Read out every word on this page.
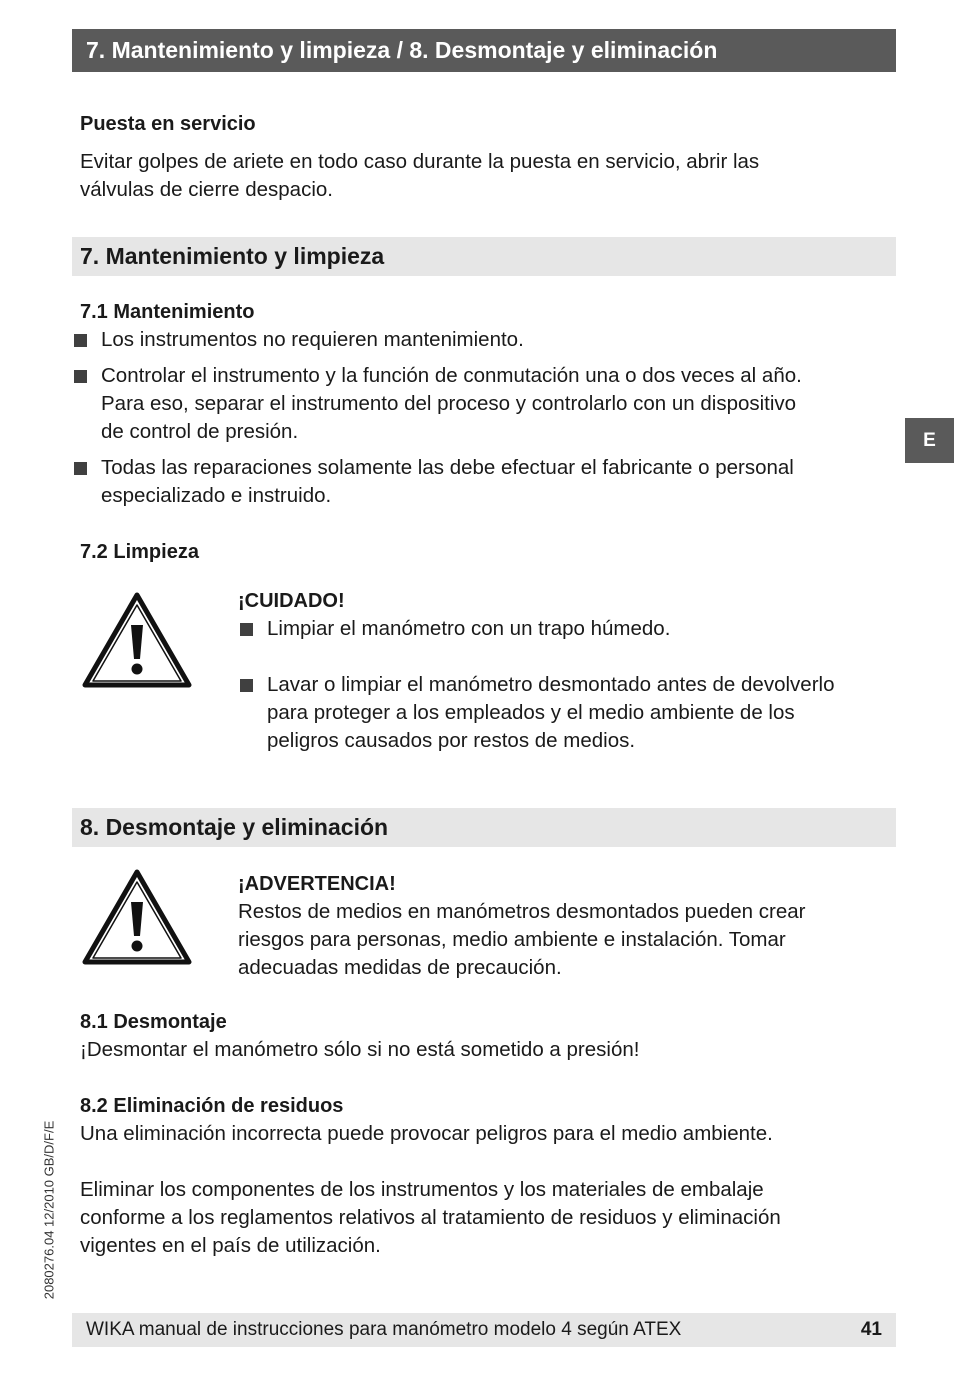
7. Mantenimiento y limpieza / 8. Desmontaje y eliminación
Puesta en servicio
Evitar golpes de ariete en todo caso durante la puesta en servicio, abrir las
válvulas de cierre despacio.
7. Mantenimiento y limpieza
7.1 Mantenimiento
Los instrumentos no requieren mantenimiento.
Controlar el instrumento y la función de conmutación una o dos veces al año.
Para eso, separar el instrumento del proceso y controlarlo con un dispositivo
de control de presión.
Todas las reparaciones solamente las debe efectuar el fabricante o personal
especializado e instruido.
7.2 Limpieza
¡CUIDADO!
Limpiar el manómetro con un trapo húmedo.
Lavar o limpiar el manómetro desmontado antes de devolverlo
para proteger a los empleados y el medio ambiente de los
peligros causados por restos de medios.
8. Desmontaje y eliminación
¡ADVERTENCIA!
Restos de medios en manómetros desmontados pueden crear
riesgos para personas, medio ambiente e instalación. Tomar
adecuadas medidas de precaución.
8.1 Desmontaje
¡Desmontar el manómetro sólo si no está sometido a presión!
8.2 Eliminación de residuos
Una eliminación incorrecta puede provocar peligros para el medio ambiente.
Eliminar los componentes de los instrumentos y los materiales de embalaje
conforme a los reglamentos relativos al tratamiento de residuos y eliminación
vigentes en el país de utilización.
E
2080276.04 12/2010 GB/D/F/E
WIKA manual de instrucciones para manómetro modelo 4 según ATEX	41
